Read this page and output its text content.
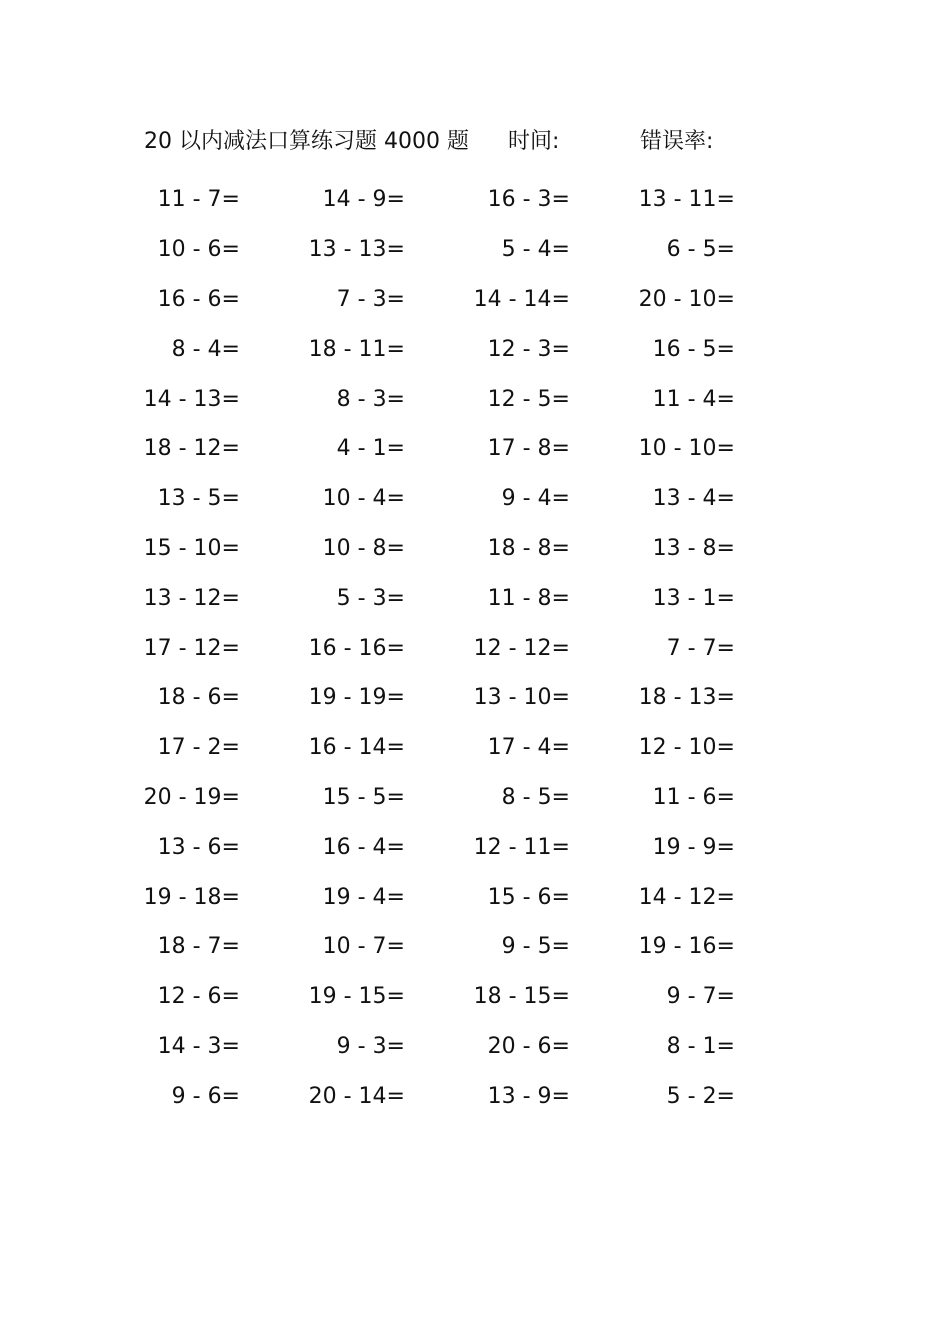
20 以内减法口算练习题 4000 题 时间:	错误率:
11 - 7=	14 - 9=	16 - 3=	13 - 11=
10 - 6=	13 - 13=	5 - 4=	6 - 5=
16 - 6=	7 - 3=	14 - 14=	20 - 10=
8 - 4=	18 - 11=	12 - 3=	16 - 5=
14 - 13=	8 - 3=	12 - 5=	11 - 4=
18 - 12=	4 - 1=	17 - 8=	10 - 10=
13 - 5=	10 - 4=	9 - 4=	13 - 4=
15 - 10=	10 - 8=	18 - 8=	13 - 8=
13 - 12=	5 - 3=	11 - 8=	13 - 1=
17 - 12=	16 - 16=	12 - 12=	7 - 7=
18 - 6=	19 - 19=	13 - 10=	18 - 13=
17 - 2=	16 - 14=	17 - 4=	12 - 10=
20 - 19=	15 - 5=	8 - 5=	11 - 6=
13 - 6=	16 - 4=	12 - 11=	19 - 9=
19 - 18=	19 - 4=	15 - 6=	14 - 12=
18 - 7=	10 - 7=	9 - 5=	19 - 16=
12 - 6=	19 - 15=	18 - 15=	9 - 7=
14 - 3=	9 - 3=	20 - 6=	8 - 1=
9 - 6=	20 - 14=	13 - 9=	5 - 2=
